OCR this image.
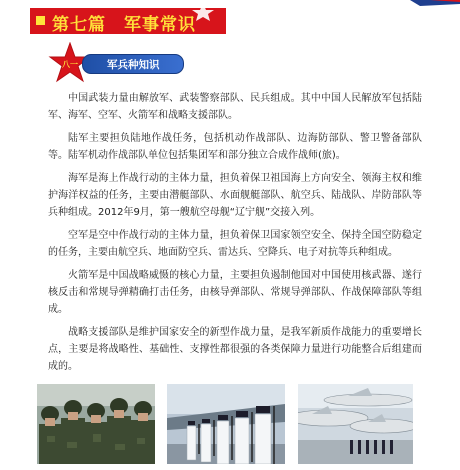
第七篇　军事常识
八一	军兵种知识

中国武装力量由解放军、武装警察部队、民兵组成。其中中国人民解放军包括陆军、海军、空军、火箭军和战略支援部队。

陆军主要担负陆地作战任务，包括机动作战部队、边海防部队、警卫警备部队等。陆军机动作战部队单位包括集团军和部分独立合成作战师(旅)。

海军是海上作战行动的主体力量，担负着保卫祖国海上方向安全、领海主权和维护海洋权益的任务，主要由潜艇部队、水面舰艇部队、航空兵、陆战队、岸防部队等兵种组成。2012年9月，第一艘航空母舰“辽宁舰”交接入列。

空军是空中作战行动的主体力量，担负着保卫国家领空安全、保持全国空防稳定的任务，主要由航空兵、地面防空兵、雷达兵、空降兵、电子对抗等兵种组成。

火箭军是中国战略威慑的核心力量，主要担负遏制他国对中国使用核武器、遂行核反击和常规导弹精确打击任务，由核导弹部队、常规导弹部队、作战保障部队等组成。

战略支援部队是维护国家安全的新型作战力量，是我军新质作战能力的重要增长点，主要是将战略性、基础性、支撑性都很强的各类保障力量进行功能整合后组建而成的。
